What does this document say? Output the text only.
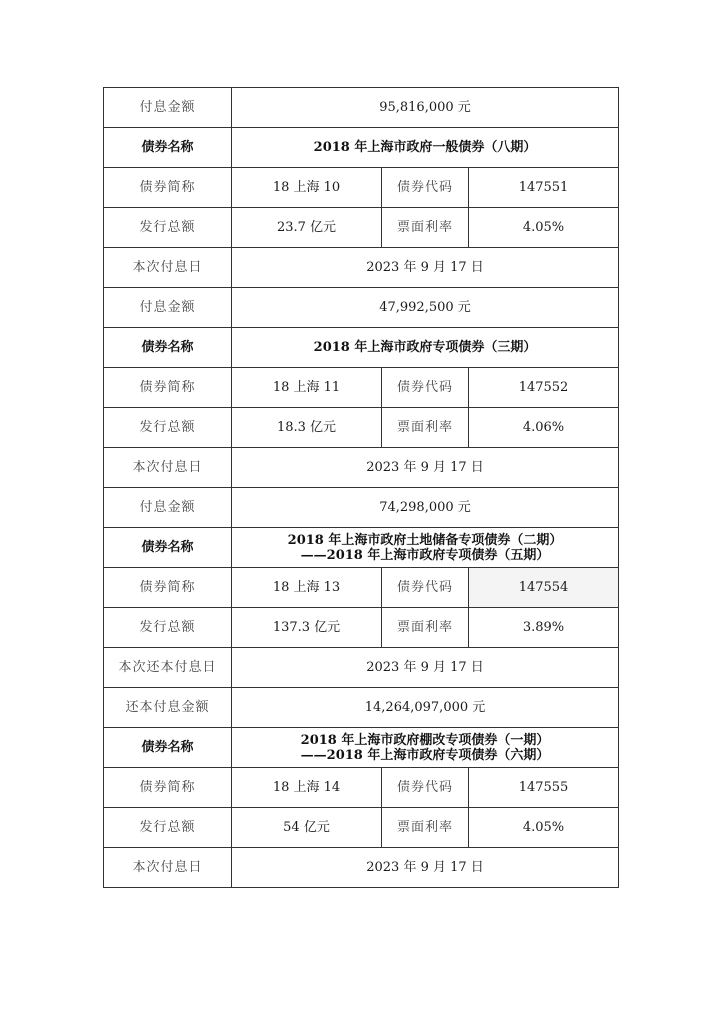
付息金额	95,816,000 元		
债券名称	2018 年上海市政府一般债券（八期）		
债券简称	18 上海 10	债券代码	147551
发行总额	23.7 亿元	票面利率	4.05%
本次付息日	2023 年 9 月 17 日		
付息金额	47,992,500 元		
债券名称	2018 年上海市政府专项债券（三期）		
债券简称	18 上海 11	债券代码	147552
发行总额	18.3 亿元	票面利率	4.06%
本次付息日	2023 年 9 月 17 日		
付息金额	74,298,000 元		
债券名称	2018 年上海市政府土地储备专项债券（二期）
——2018 年上海市政府专项债券（五期）		

债券简称	18 上海 13	债券代码	147554
发行总额	137.3 亿元	票面利率	3.89%
本次还本付息日	2023 年 9 月 17 日		
还本付息金额	14,264,097,000 元		
债券名称	2018 年上海市政府棚改专项债券（一期）
——2018 年上海市政府专项债券（六期）		

债券简称	18 上海 14	债券代码	147555
发行总额	54 亿元	票面利率	4.05%
本次付息日	2023 年 9 月 17 日		
